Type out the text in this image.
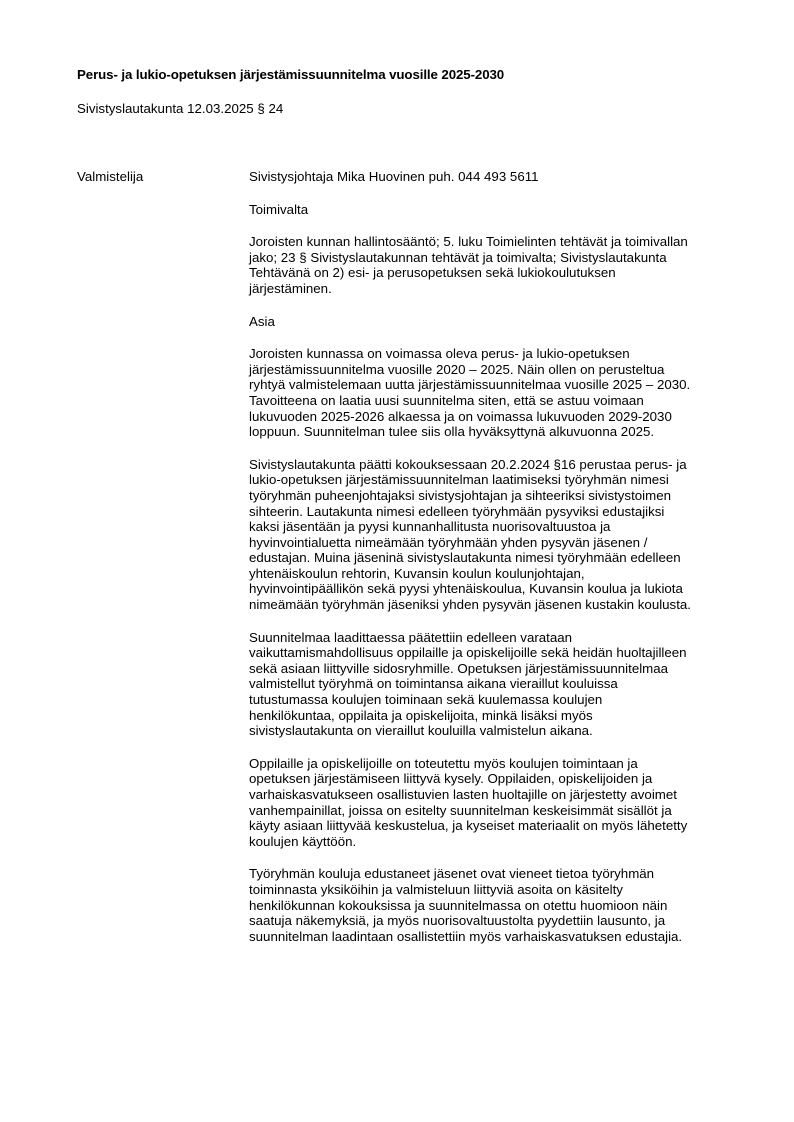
Perus- ja lukio-opetuksen järjestämissuunnitelma vuosille 2025-2030
Sivistyslautakunta 12.03.2025 § 24
Valmistelija	Sivistysjohtaja Mika Huovinen puh. 044 493 5611

Toimivalta

Joroisten kunnan hallintosääntö; 5. luku Toimielinten tehtävät ja toimivallan
jako; 23 § Sivistyslautakunnan tehtävät ja toimivalta; Sivistyslautakunta
Tehtävänä on 2) esi- ja perusopetuksen sekä lukiokoulutuksen
järjestäminen.

Asia

Joroisten kunnassa on voimassa oleva perus- ja lukio-opetuksen
järjestämissuunnitelma vuosille 2020 – 2025. Näin ollen on perusteltua
ryhtyä valmistelemaan uutta järjestämissuunnitelmaa vuosille 2025 – 2030.
Tavoitteena on laatia uusi suunnitelma siten, että se astuu voimaan
lukuvuoden 2025-2026 alkaessa ja on voimassa lukuvuoden 2029-2030
loppuun. Suunnitelman tulee siis olla hyväksyttynä alkuvuonna 2025.

Sivistyslautakunta päätti kokouksessaan 20.2.2024 §16 perustaa perus- ja
lukio-opetuksen järjestämissuunnitelman laatimiseksi työryhmän nimesi
työryhmän puheenjohtajaksi sivistysjohtajan ja sihteeriksi sivistystoimen
sihteerin. Lautakunta nimesi edelleen työryhmään pysyviksi edustajiksi
kaksi jäsentään ja pyysi kunnanhallitusta nuorisovaltuustoa ja
hyvinvointialuetta nimeämään työryhmään yhden pysyvän jäsenen /
edustajan. Muina jäseninä sivistyslautakunta nimesi työryhmään edelleen
yhtenäiskoulun rehtorin, Kuvansin koulun koulunjohtajan,
hyvinvointipäällikön sekä pyysi yhtenäiskoulua, Kuvansin koulua ja lukiota
nimeämään työryhmän jäseniksi yhden pysyvän jäsenen kustakin koulusta.

Suunnitelmaa laadittaessa päätettiin edelleen varataan
vaikuttamismahdollisuus oppilaille ja opiskelijoille sekä heidän huoltajilleen
sekä asiaan liittyville sidosryhmille. Opetuksen järjestämissuunnitelmaa
valmistellut työryhmä on toimintansa aikana vieraillut kouluissa
tutustumassa koulujen toiminaan sekä kuulemassa koulujen
henkilökuntaa, oppilaita ja opiskelijoita, minkä lisäksi myös
sivistyslautakunta on vieraillut kouluilla valmistelun aikana.

Oppilaille ja opiskelijoille on toteutettu myös koulujen toimintaan ja
opetuksen järjestämiseen liittyvä kysely. Oppilaiden, opiskelijoiden ja
varhaiskasvatukseen osallistuvien lasten huoltajille on järjestetty avoimet
vanhempainillat, joissa on esitelty suunnitelman keskeisimmät sisällöt ja
käyty asiaan liittyvää keskustelua, ja kyseiset materiaalit on myös lähetetty
koulujen käyttöön.

Työryhmän kouluja edustaneet jäsenet ovat vieneet tietoa työryhmän
toiminnasta yksiköihin ja valmisteluun liittyviä asoita on käsitelty
henkilökunnan kokouksissa ja suunnitelmassa on otettu huomioon näin
saatuja näkemyksiä, ja myös nuorisovaltuustolta pyydettiin lausunto, ja
suunnitelman laadintaan osallistettiin myös varhaiskasvatuksen edustajia.
